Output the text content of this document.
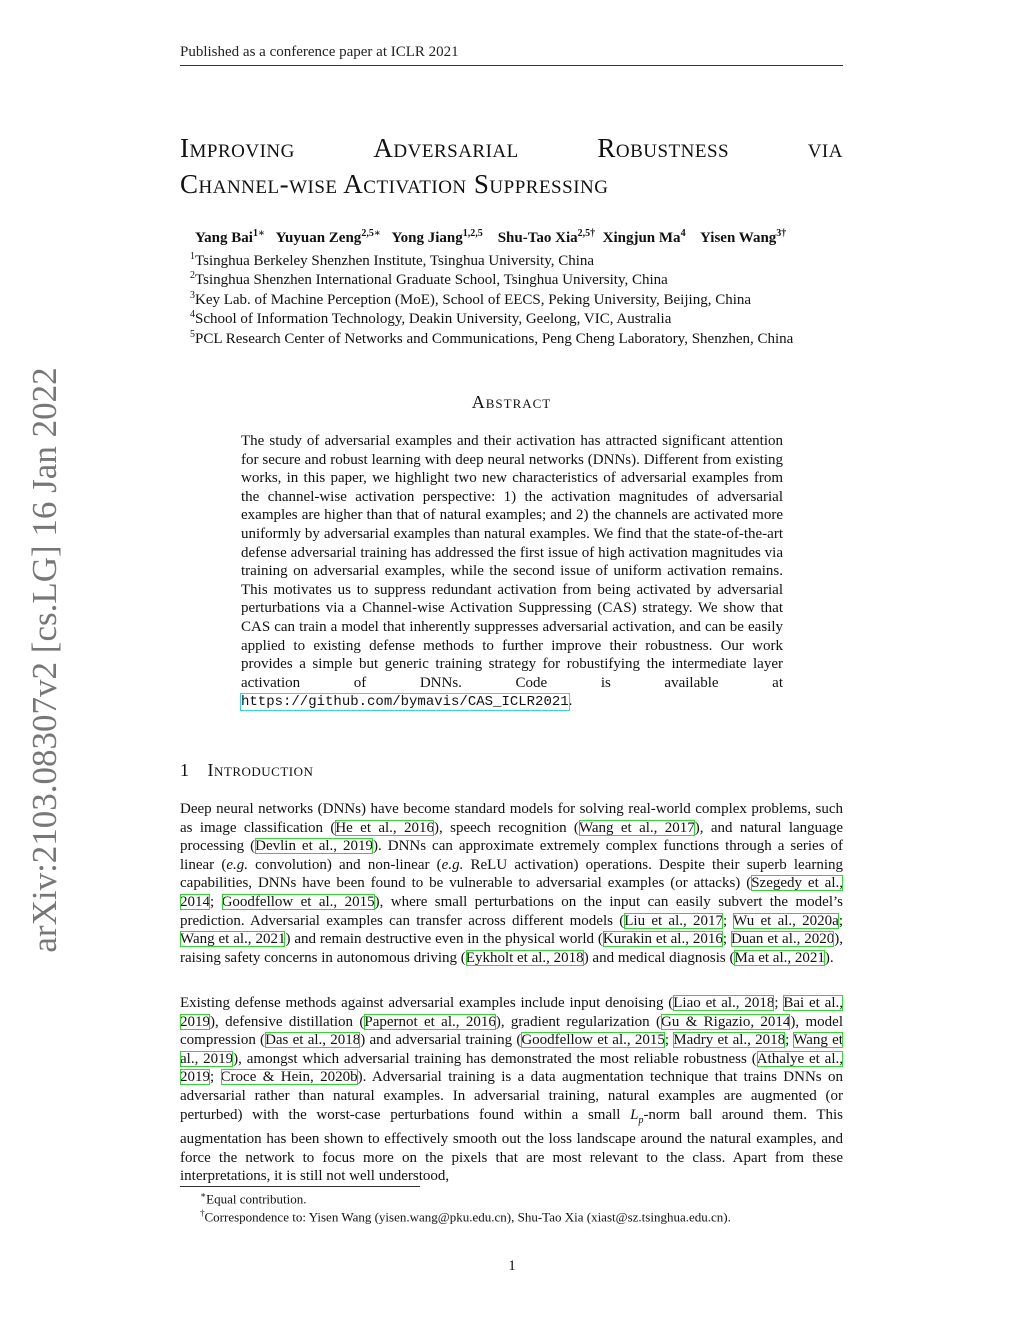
Published as a conference paper at ICLR 2021
Improving	Adversarial	Robustness	via
Channel-wise Activation Suppressing
Yang Bai$^{1∗}$ Yuyuan Zeng$^{2,5∗}$ Yong Jiang$^{1,2,5}$ Shu-Tao Xia$^{2,5\dagger}$ Xingjun Ma$^4$ Yisen Wang$^{3\dagger}$
$^1$Tsinghua Berkeley Shenzhen Institute, Tsinghua University, China
$^2$Tsinghua Shenzhen International Graduate School, Tsinghua University, China
$^3$Key Lab. of Machine Perception (MoE), School of EECS, Peking University, Beijing, China
$^4$School of Information Technology, Deakin University, Geelong, VIC, Australia
$^5$PCL Research Center of Networks and Communications, Peng Cheng Laboratory, Shenzhen, China
arXiv:2103.08307v2 [cs.LG] 16 Jan 2022	Abstract
The study of adversarial examples and their activation has attracted significant attention for secure and robust learning with deep neural networks (DNNs). Different from existing works, in this paper, we highlight two new characteristics of adversarial examples from the channel-wise activation perspective: 1) the activation magnitudes of adversarial examples are higher than that of natural examples; and 2) the channels are activated more uniformly by adversarial examples than natural examples. We find that the state-of-the-art defense adversarial training has addressed the first issue of high activation magnitudes via training on adversarial examples, while the second issue of uniform activation remains. This motivates us to suppress redundant activation from being activated by adversarial perturbations via a Channel-wise Activation Suppressing (CAS) strategy. We show that CAS can train a model that inherently suppresses adversarial activation, and can be easily applied to existing defense methods to further improve their robustness. Our work provides a simple but generic training strategy for robustifying the intermediate layer activation of DNNs. Code is available at https://github.com/bymavis/CAS_ICLR2021.
1 Introduction
Deep neural networks (DNNs) have become standard models for solving real-world complex problems, such as image classification (He et al., 2016), speech recognition (Wang et al., 2017), and natural language processing (Devlin et al., 2019). DNNs can approximate extremely complex functions through a series of linear (e.g. convolution) and non-linear (e.g. ReLU activation) operations. Despite their superb learning capabilities, DNNs have been found to be vulnerable to adversarial examples (or attacks) (Szegedy et al., 2014; Goodfellow et al., 2015), where small perturbations on the input can easily subvert the model’s prediction. Adversarial examples can transfer across different models (Liu et al., 2017; Wu et al., 2020a; Wang et al., 2021) and remain destructive even in the physical world (Kurakin et al., 2016; Duan et al., 2020), raising safety concerns in autonomous driving (Eykholt et al., 2018) and medical diagnosis (Ma et al., 2021).
Existing defense methods against adversarial examples include input denoising (Liao et al., 2018; Bai et al., 2019), defensive distillation (Papernot et al., 2016), gradient regularization (Gu & Rigazio, 2014), model compression (Das et al., 2018) and adversarial training (Goodfellow et al., 2015; Madry et al., 2018; Wang et al., 2019), amongst which adversarial training has demonstrated the most reliable robustness (Athalye et al., 2019; Croce & Hein, 2020b). Adversarial training is a data augmentation technique that trains DNNs on adversarial rather than natural examples. In adversarial training, natural examples are augmented (or perturbed) with the worst-case perturbations found within a small $L_p$-norm ball around them. This augmentation has been shown to effectively smooth out the loss landscape around the natural examples, and force the network to focus more on the pixels that are most relevant to the class. Apart from these interpretations, it is still not well understood,
∗Equal contribution.
†Correspondence to: Yisen Wang (yisen.wang@pku.edu.cn), Shu-Tao Xia (xiast@sz.tsinghua.edu.cn).
1
